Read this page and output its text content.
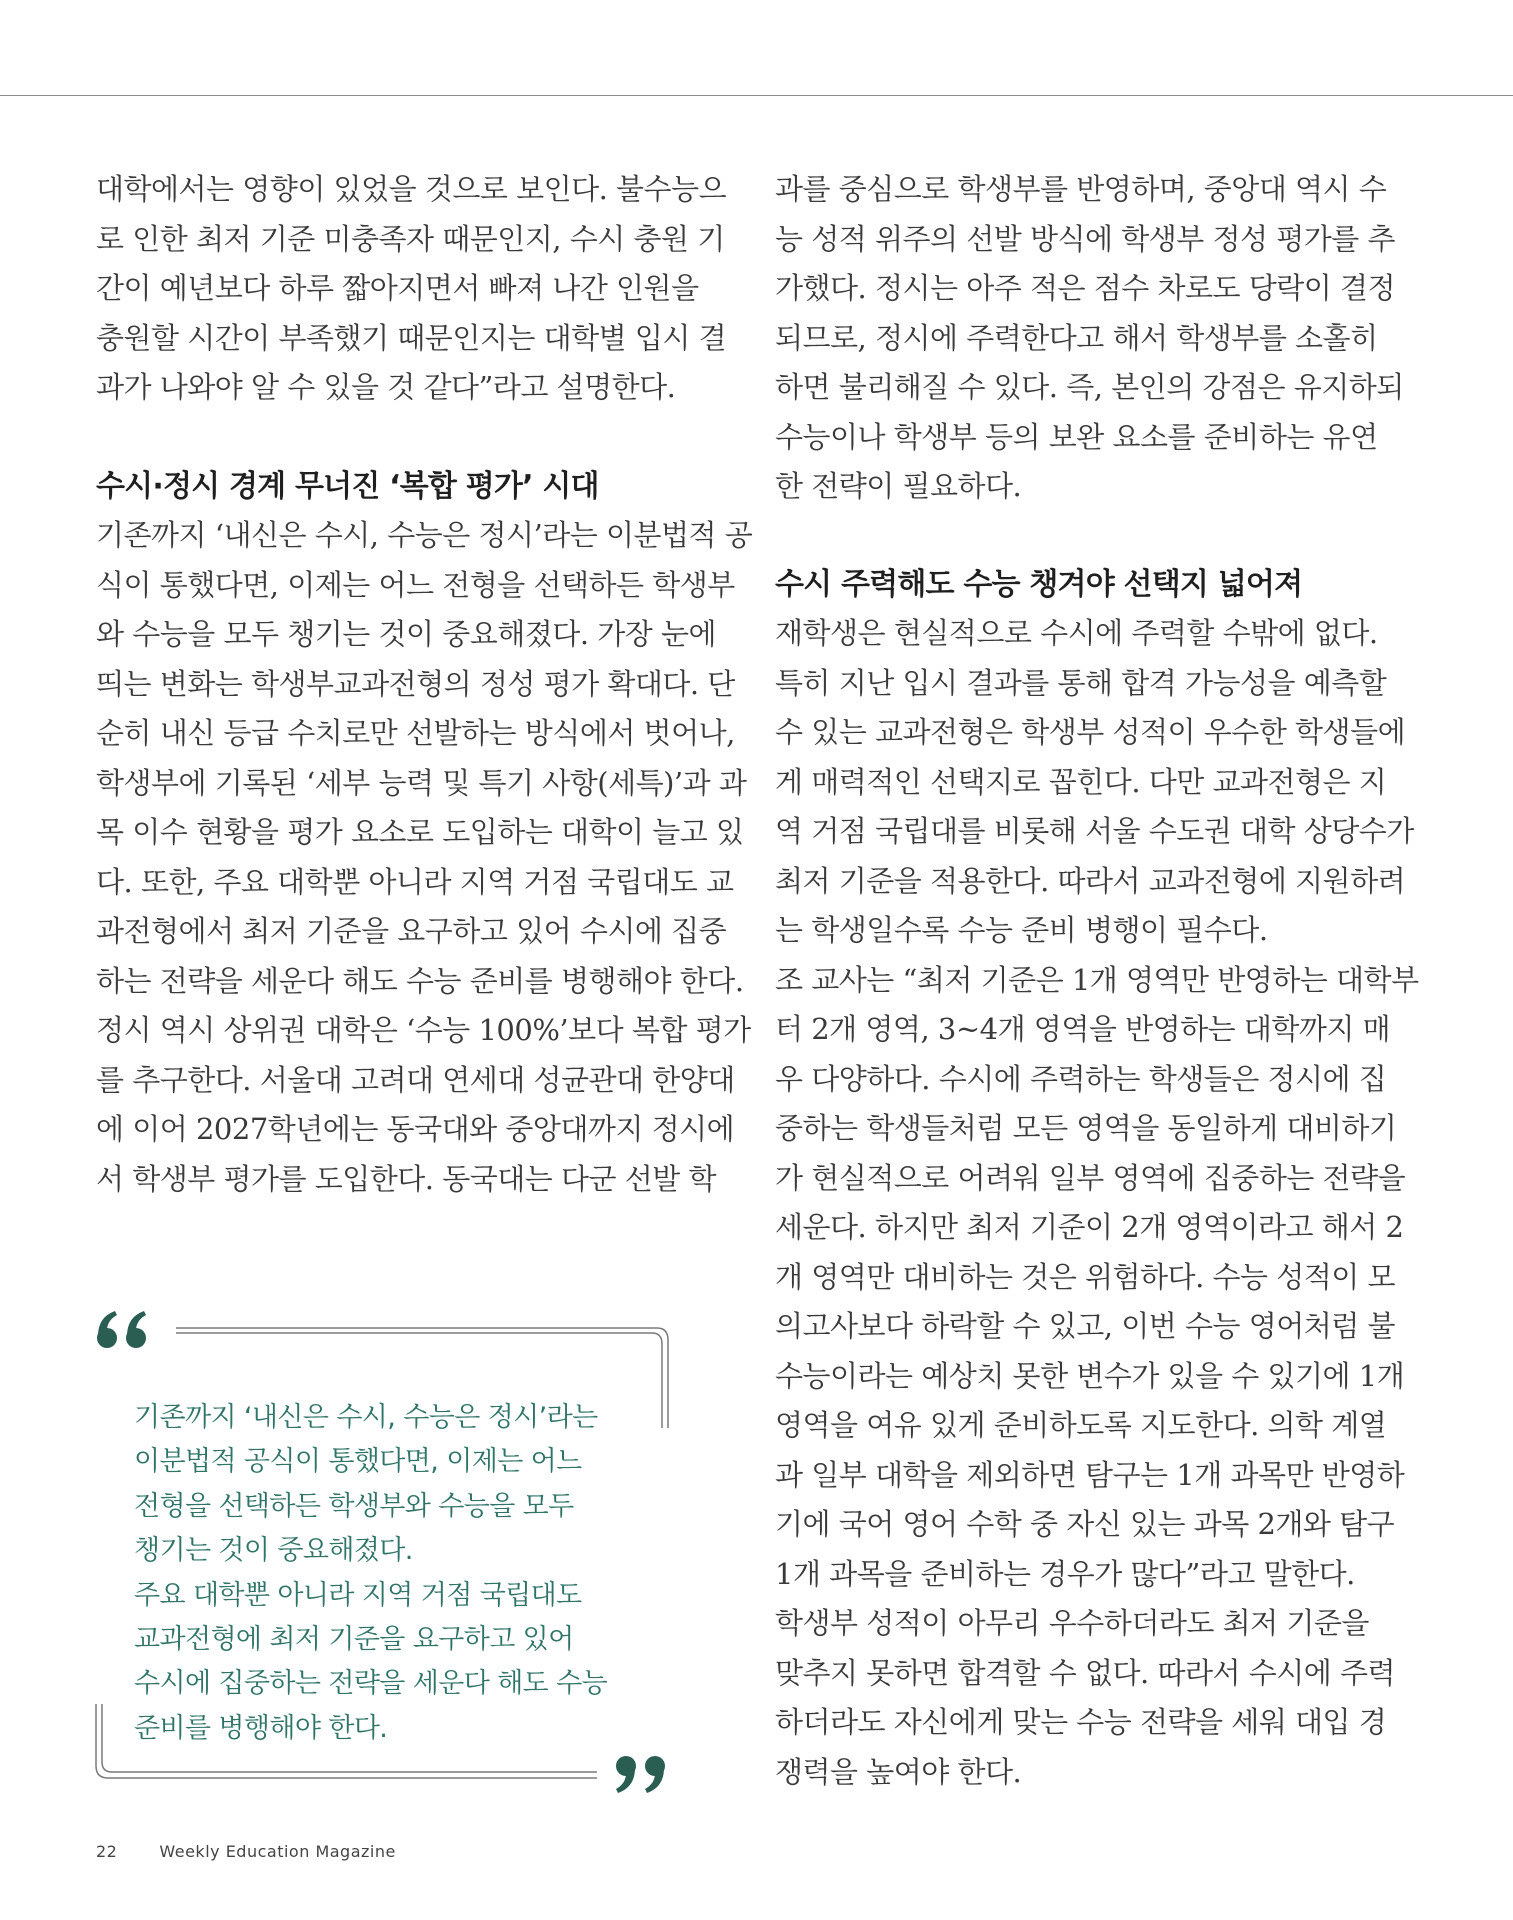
대학에서는 영향이 있었을 것으로 보인다. 불수능으

로 인한 최저 기준 미충족자 때문인지, 수시 충원 기

간이 예년보다 하루 짧아지면서 빠져 나간 인원을

충원할 시간이 부족했기 때문인지는 대학별 입시 결

과가 나와야 알 수 있을 것 같다”라고 설명한다.

수시·정시 경계 무너진 ‘복합 평가’ 시대

기존까지 ‘내신은 수시, 수능은 정시’라는 이분법적 공

식이 통했다면, 이제는 어느 전형을 선택하든 학생부

와 수능을 모두 챙기는 것이 중요해졌다. 가장 눈에

띄는 변화는 학생부교과전형의 정성 평가 확대다. 단

순히 내신 등급 수치로만 선발하는 방식에서 벗어나,

학생부에 기록된 ‘세부 능력 및 특기 사항(세특)’과 과

목 이수 현황을 평가 요소로 도입하는 대학이 늘고 있

다. 또한, 주요 대학뿐 아니라 지역 거점 국립대도 교

과전형에서 최저 기준을 요구하고 있어 수시에 집중

하는 전략을 세운다 해도 수능 준비를 병행해야 한다.

정시 역시 상위권 대학은 ‘수능 100%’보다 복합 평가

를 추구한다. 서울대 고려대 연세대 성균관대 한양대

에 이어 2027학년에는 동국대와 중앙대까지 정시에

서 학생부 평가를 도입한다. 동국대는 다군 선발 학

과를 중심으로 학생부를 반영하며, 중앙대 역시 수

능 성적 위주의 선발 방식에 학생부 정성 평가를 추

가했다. 정시는 아주 적은 점수 차로도 당락이 결정

되므로, 정시에 주력한다고 해서 학생부를 소홀히

하면 불리해질 수 있다. 즉, 본인의 강점은 유지하되

수능이나 학생부 등의 보완 요소를 준비하는 유연

한 전략이 필요하다.

수시 주력해도 수능 챙겨야 선택지 넓어져

재학생은 현실적으로 수시에 주력할 수밖에 없다.

특히 지난 입시 결과를 통해 합격 가능성을 예측할

수 있는 교과전형은 학생부 성적이 우수한 학생들에

게 매력적인 선택지로 꼽힌다. 다만 교과전형은 지

역 거점 국립대를 비롯해 서울 수도권 대학 상당수가

최저 기준을 적용한다. 따라서 교과전형에 지원하려

는 학생일수록 수능 준비 병행이 필수다.

조 교사는 “최저 기준은 1개 영역만 반영하는 대학부

터 2개 영역, 3~4개 영역을 반영하는 대학까지 매

우 다양하다. 수시에 주력하는 학생들은 정시에 집

중하는 학생들처럼 모든 영역을 동일하게 대비하기

가 현실적으로 어려워 일부 영역에 집중하는 전략을

세운다. 하지만 최저 기준이 2개 영역이라고 해서 2

개 영역만 대비하는 것은 위험하다. 수능 성적이 모

의고사보다 하락할 수 있고, 이번 수능 영어처럼 불

수능이라는 예상치 못한 변수가 있을 수 있기에 1개

영역을 여유 있게 준비하도록 지도한다. 의학 계열

과 일부 대학을 제외하면 탐구는 1개 과목만 반영하

기에 국어 영어 수학 중 자신 있는 과목 2개와 탐구

1개 과목을 준비하는 경우가 많다”라고 말한다.

학생부 성적이 아무리 우수하더라도 최저 기준을

맞추지 못하면 합격할 수 없다. 따라서 수시에 주력

하더라도 자신에게 맞는 수능 전략을 세워 대입 경

쟁력을 높여야 한다.

기존까지 ‘내신은 수시, 수능은 정시’라는
이분법적 공식이 통했다면, 이제는 어느
전형을 선택하든 학생부와 수능을 모두
챙기는 것이 중요해졌다.
주요 대학뿐 아니라 지역 거점 국립대도
교과전형에 최저 기준을 요구하고 있어
수시에 집중하는 전략을 세운다 해도 수능
준비를 병행해야 한다.
22	Weekly Education Magazine
